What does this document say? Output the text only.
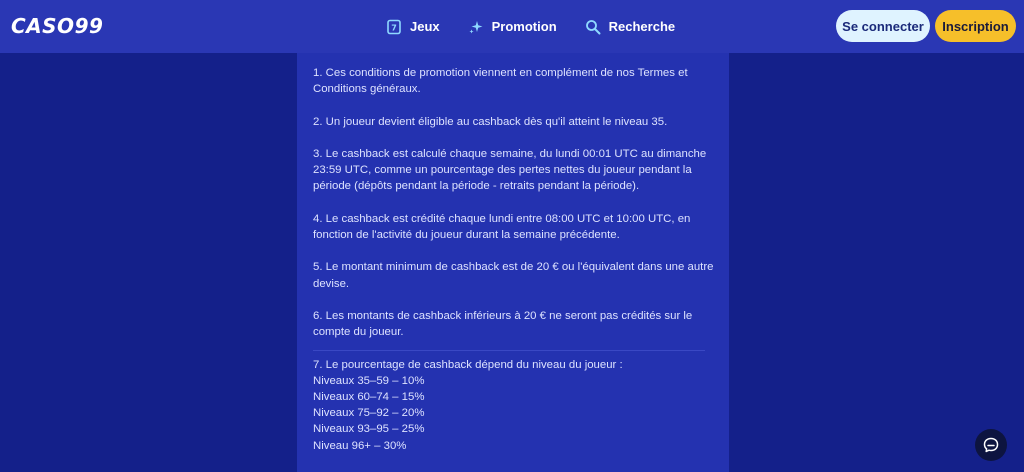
CASO99	7 Jeux	Promotion	Recherche	Se connecter	Inscription

1. Ces conditions de promotion viennent en complément de nos Termes et Conditions généraux.

2. Un joueur devient éligible au cashback dès qu'il atteint le niveau 35.

3. Le cashback est calculé chaque semaine, du lundi 00:01 UTC au dimanche 23:59 UTC, comme un pourcentage des pertes nettes du joueur pendant la période (dépôts pendant la période - retraits pendant la période).

4. Le cashback est crédité chaque lundi entre 08:00 UTC et 10:00 UTC, en fonction de l'activité du joueur durant la semaine précédente.

5. Le montant minimum de cashback est de 20 € ou l'équivalent dans une autre devise.

6. Les montants de cashback inférieurs à 20 € ne seront pas crédités sur le compte du joueur.

7. Le pourcentage de cashback dépend du niveau du joueur :
Niveaux 35–59 – 10%
Niveaux 60–74 – 15%
Niveaux 75–92 – 20%
Niveaux 93–95 – 25%
Niveau 96+ – 30%
